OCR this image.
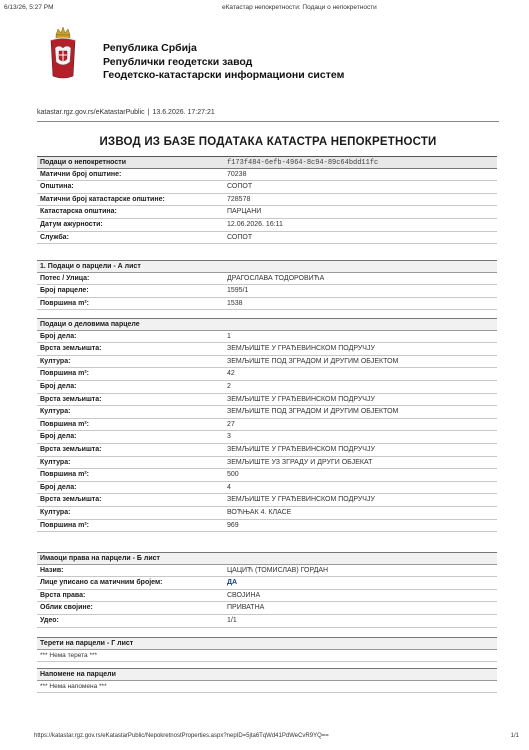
6/13/26, 5:27 PM	eКатастар непокретности: Подаци о непокретности
Република Србија
Републички геодетски завод
Геодетско-катастарски информациони систем
katastar.rgz.gov.rs/eKatastarPublic | 13.6.2026. 17:27:21
ИЗВОД ИЗ БАЗЕ ПОДАТАКА КАТАСТРА НЕПОКРЕТНОСТИ
Подаци о непокретности	f173f484-6efb-4964-8c94-89c64bdd11fc
Матични број општине:	70238
Општина:	СОПОТ
Матични број катастарске општине:	728578
Катастарска општина:	ПАРЦАНИ
Датум ажурности:	12.06.2026. 16:11
Служба:	СОПОТ
1. Подаци о парцели - А лист
Потес / Улица:	ДРАГОСЛАВА ТОДОРОВИЋА
Број парцеле:	1595/1
Површина m²:	1538
Подаци о деловима парцеле
Број дела:	1
Врста земљишта:	ЗЕМЉИШТЕ У ГРАЂЕВИНСКОМ ПОДРУЧЈУ
Култура:	ЗЕМЉИШТЕ ПОД ЗГРАДОМ И ДРУГИМ ОБЈЕКТОМ
Површина m²:	42
Број дела:	2
Врста земљишта:	ЗЕМЉИШТЕ У ГРАЂЕВИНСКОМ ПОДРУЧЈУ
Култура:	ЗЕМЉИШТЕ ПОД ЗГРАДОМ И ДРУГИМ ОБЈЕКТОМ
Површина m²:	27
Број дела:	3
Врста земљишта:	ЗЕМЉИШТЕ У ГРАЂЕВИНСКОМ ПОДРУЧЈУ
Култура:	ЗЕМЉИШТЕ УЗ ЗГРАДУ И ДРУГИ ОБЈЕКАТ
Површина m²:	500
Број дела:	4
Врста земљишта:	ЗЕМЉИШТЕ У ГРАЂЕВИНСКОМ ПОДРУЧЈУ
Култура:	ВОЋЊАК 4. КЛАСЕ
Површина m²:	969
Имаоци права на парцели - Б лист
Назив:	ЦАЦИЋ (ТОМИСЛАВ) ГОРДАН
Лице уписано са матичним бројем:	ДА
Врста права:	СВОЈИНА
Облик својине:	ПРИВАТНА
Удео:	1/1
Терети на парцели - Г лист
*** Нема терета ***
Напомене на парцели
*** Нема напомена ***
https://katastar.rgz.gov.rs/eKatastarPublic/NepokretnostProperties.aspx?nepID=5jta6TqWd41PdWeCvR9YQ==	1/1
